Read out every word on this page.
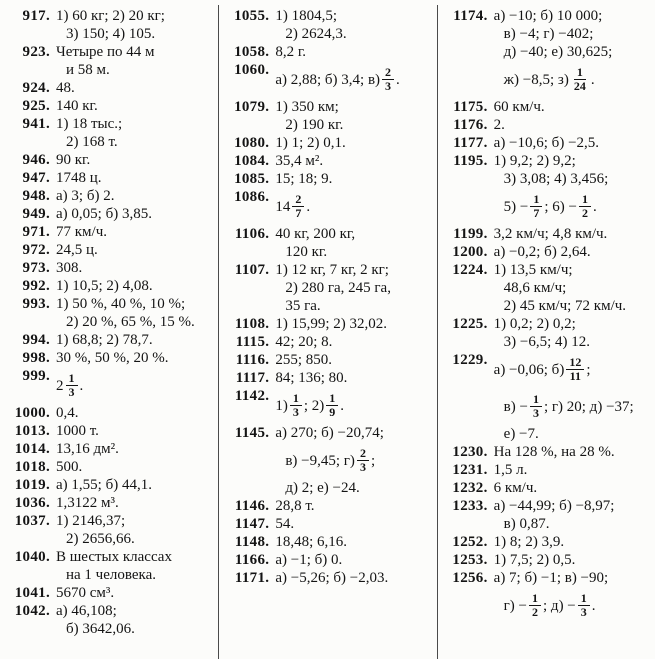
917. 1) 60 кг; 2) 20 кг;
3) 150; 4) 105.
923. Четыре по 44 м
и 58 м.
924. 48.
925. 140 кг.
941. 1) 18 тыс.;
2) 168 т.
946. 90 кг.
947. 1748 ц.
948. а) 3; б) 2.
949. а) 0,05; б) 3,85.
971. 77 км/ч.
972. 24,5 ц.
973. 308.
992. 1) 10,5; 2) 4,08.
993. 1) 50 %, 40 %, 10 %;
2) 20 %, 65 %, 15 %.
994. 1) 68,8; 2) 78,7.
998. 30 %, 50 %, 20 %.
999.
$2 \frac{1}{3}$ .
1000. 0,4.
1013. 1000 т.
1014. 13,16 дм².
1018. 500.
1019. а) 1,55; б) 44,1.
1036. 1,3122 м³.
1037. 1) 2146,37;
2) 2656,66.
1040. В шестых классах
на 1 человека.
1041. 5670 см³.
1042. а) 46,108;
б) 3642,06.
1055. 1) 1804,5;
2) 2624,3.
1058. 8,2 г.
1060.
а) 2,88; б) 3,4; $в) \frac{2}{3}$ .
1079. 1) 350 км;
2) 190 кг.
1080. 1) 1; 2) 0,1.
1084. 35,4 м².
1085. 15; 18; 9.
1086.
$14 \frac{2}{7}$ .
1106. 40 кг, 200 кг,
120 кг.
1107. 1) 12 кг, 7 кг, 2 кг;
2) 280 га, 245 га,
35 га.
1108. 1) 15,99; 2) 32,02.
1115. 42; 20; 8.
1116. 255; 850.
1117. 84; 136; 80.
1142.
$1) \frac{1}{3}$ ; $2) \frac{1}{9}$ .
1145. а) 270; б) −20,74;
в) −9,45; $г) \frac{2}{3}$ ;
д) 2; е) −24.
1146. 28,8 т.
1147. 54.
1148. 18,48; 6,16.
1166. а) −1; б) 0.
1171. а) −5,26; б) −2,03.
1174. а) −10; б) 10 000;
в) −4; г) −402;
д) −40; е) 30,625;
ж) −8,5; $з) \frac{1}{24}$ .
1175. 60 км/ч.
1176. 2.
1177. а) −10,6; б) −2,5.
1195. 1) 9,2; 2) 9,2;
3) 3,08; 4) 3,456;
$5) - \frac{1}{7}$ ; $6) - \frac{1}{2}$ .
1199. 3,2 км/ч; 4,8 км/ч.
1200. а) −0,2; б) 2,64.
1224. 1) 13,5 км/ч;
48,6 км/ч;
2) 45 км/ч; 72 км/ч.
1225. 1) 0,2; 2) 0,2;
3) −6,5; 4) 12.
1229.
а) −0,06; $б) \frac{12}{11}$ ;
$в) - \frac{1}{3}$ ; г) 20; д) −37;
е) −7.
1230. На 128 %, на 28 %.
1231. 1,5 л.
1232. 6 км/ч.
1233. а) −44,99; б) −8,97;
в) 0,87.
1252. 1) 8; 2) 3,9.
1253. 1) 7,5; 2) 0,5.
1256. а) 7; б) −1; в) −90;
$г) - \frac{1}{2}$ ; $д) - \frac{1}{3}$ .
